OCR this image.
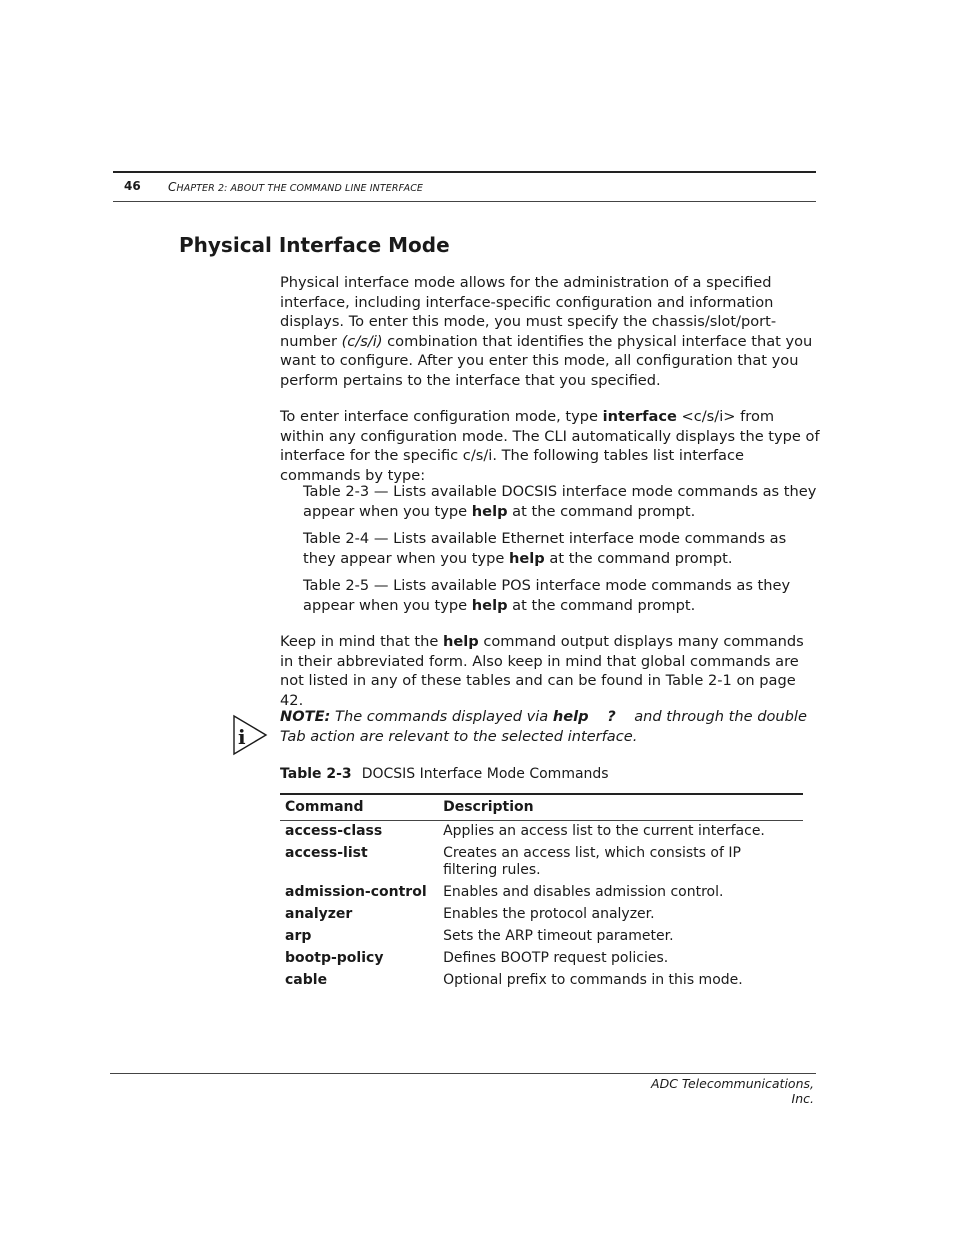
46 CHAPTER 2: ABOUT THE COMMAND LINE INTERFACE
Physical Interface Mode

Physical interface mode allows for the administration of a specified interface, including interface-specific configuration and information displays. To enter this mode, you must specify the chassis/slot/port-number (c/s/i) combination that identifies the physical interface that you want to configure. After you enter this mode, all configuration that you perform pertains to the interface that you specified.

To enter interface configuration mode, type interface <c/s/i> from within any configuration mode. The CLI automatically displays the type of interface for the specific c/s/i. The following tables list interface commands by type:

Table 2-3 — Lists available DOCSIS interface mode commands as they appear when you type help at the command prompt.
Table 2-4 — Lists available Ethernet interface mode commands as they appear when you type help at the command prompt.
Table 2-5 — Lists available POS interface mode commands as they appear when you type help at the command prompt.

Keep in mind that the help command output displays many commands in their abbreviated form. Also keep in mind that global commands are not listed in any of these tables and can be found in Table 2-1 on page 42.

i
NOTE: The commands displayed via help ?    and through the double Tab action are relevant to the selected interface.
Table 2-3 DOCSIS Interface Mode Commands
Command	Description
access-class	Applies an access list to the current interface.
access-list	Creates an access list, which consists of IP filtering rules.
admission-control	Enables and disables admission control.
analyzer	Enables the protocol analyzer.
arp	Sets the ARP timeout parameter.
bootp-policy	Defines BOOTP request policies.
cable	Optional prefix to commands in this mode.
ADC Telecommunications, Inc.
